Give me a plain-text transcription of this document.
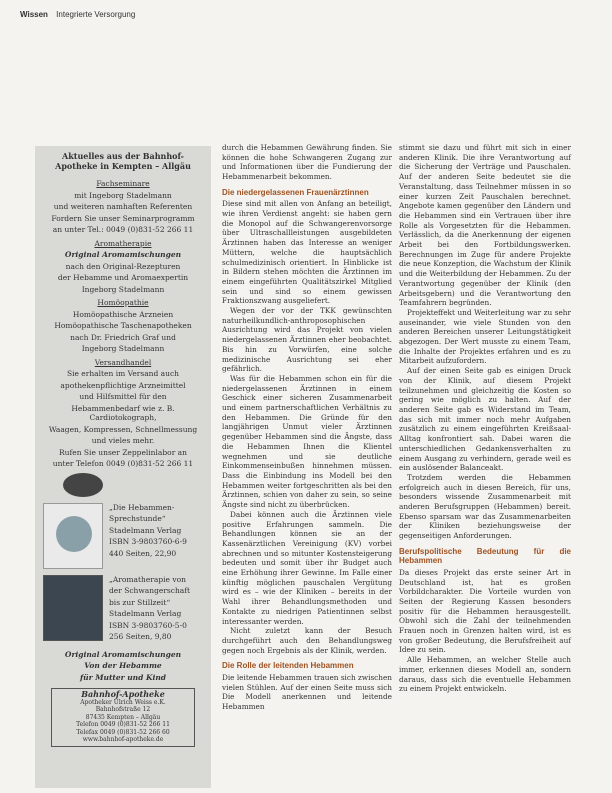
Wissen Integrierte Versorgung
Aktuelles aus der Bahnhof-Apotheke in Kempten – Allgäu

Fachseminare

mit Ingeborg Stadelmann

und weiteren namhaften Referenten

Fordern Sie unser Seminarprogramm

an unter Tel.: 0049 (0)831-52 266 11

Aromatherapie

Original Aromamischungen

nach den Original-Rezepturen

der Hebamme und Aromaexpertin

Ingeborg Stadelmann

Homöopathie

Homöopathische Arzneien

Homöopathische Taschenapotheken

nach Dr. Friedrich Graf und

Ingeborg Stadelmann

Versandhandel

Sie erhalten im Versand auch

apothekenpflichtige Arzneimittel

und Hilfsmittel für den

Hebammenbedarf wie z. B. Cardiotokograph,

Waagen, Kompressen, Schnellmessung

und vieles mehr.

Rufen Sie unser Zeppelinlabor an

unter Telefon 0049 (0)831-52 266 11

„Die Hebammen-

Sprechstunde“

Stadelmann Verlag

ISBN 3-9803760-6-9

440 Seiten, 22,90

„Aromatherapie von

der Schwangerschaft

bis zur Stillzeit“

Stadelmann Verlag

ISBN 3-9803760-5-0

256 Seiten, 9,80

Original Aromamischungen

Von der Hebamme

für Mutter und Kind

Bahnhof-Apotheke
Apotheker Ulrich Weiss e.K.
Bahnhofstraße 12
87435 Kempten – Allgäu
Telefon 0049 (0)831-52 266 11
Telefax 0049 (0)831-52 266 60
www.bahnhof-apotheke.de

durch die Hebammen Gewährung finden. Sie können die hohe Schwangeren Zugang zur und Informationen über die Fundierung der Hebammenarbeit bekommen.

Die niedergelassenen Frauenärztinnen

Diese sind mit allen von Anfang an beteiligt, wie ihren Verdienst angeht: sie haben gern die Monopol auf die Schwangerenvorsorge über Ultraschallleistungen ausgebildeten Ärztinnen haben das Interesse an weniger Müttern, welche die hauptsächlich schulmedizinisch orientiert. In Hinblicke ist in Bildern stehen möchten die Ärztinnen im einem eingeführten Qualitätszirkel Mitglied sein und sind so einem gewissen Fraktionszwang ausgeliefert.

Wegen der vor der TKK gewünschten naturheilkundlich-anthroposophischen Ausrichtung wird das Projekt von vielen niedergelassenen Ärztinnen eher beobachtet. Bis hin zu Vorwürfen, eine solche medizinische Ausrichtung sei eher gefährlich.

Was für die Hebammen schon ein für die niedergelassenen Ärztinnen in einem Geschick einer sicheren Zusammenarbeit und einem partnerschaftlichen Verhältnis zu den Hebammen. Die Gründe für den langjährigen Unmut vieler Ärztinnen gegenüber Hebammen sind die Ängste, dass die Hebammen Ihnen die Klientel wegnehmen und sie deutliche Einkommenseinbußen hinnehmen müssen. Dass die Einbindung ins Modell bei den Hebammen weiter fortgeschritten als bei den Ärztinnen, schien von daher zu sein, so seine Ängste sind nicht zu überbrücken.

Dabei können auch die Ärztinnen viele positive Erfahrungen sammeln. Die Behandlungen können sie an der Kassenärztlichen Vereinigung (KV) vorbei abrechnen und so mitunter Kostensteigerung bedeuten und somit über ihr Budget auch eine Erhöhung ihrer Gewinne. Im Falle einer künftig möglichen pauschalen Vergütung wird es – wie der Kliniken – bereits in der Wahl ihrer Behandlungsmethoden und Kontakte zu niedrigen Patientinnen selbst interessanter werden.

Nicht zuletzt kann der Besuch durchgeführt auch den Behandlungsweg gegen noch Ergebnis als der Klinik, werden.

Die Rolle der leitenden Hebammen

Die leitende Hebammen trauen sich zwischen vielen Stühlen. Auf der einen Seite muss sich Die Modell anerkennen und leitende Hebammen

stimmt sie dazu und führt mit sich in einer anderen Klinik. Die ihre Verantwortung auf die Sicherung der Verträge und Pauschalen. Auf der anderen Seite bedeutet sie die Veranstaltung, dass Teilnehmer müssen in so einer kurzen Zeit Pauschalen berechnet. Angebote kamen gegenüber den Ländern und die Hebammen sind ein Vertrauen über ihre Rolle als Vorgesetzten für die Hebammen. Verlässlich, da die Anerkennung der eigenen Arbeit bei den Fortbildungswerken. Berechnungen im Zuge für andere Projekte die neue Konzeption, die Wachstum der Klinik und die Weiterbildung der Hebammen. Zu der Verantwortung gegenüber der Klinik (den Arbeitsgebern) und die Verantwortung den Teamfahrern begründen.

Projekteffekt und Weiterleitung war zu sehr auseinander, wie viele Stunden von den anderen Bereichen unserer Leitungstätigkeit abgezogen. Der Wert musste zu einem Team, die Inhalte der Projektes erfahren und es zu Mitarbeit aufzufordern.

Auf der einen Seite gab es einigen Druck von der Klinik, auf diesem Projekt teilzunehmen und gleichzeitig die Kosten so gering wie möglich zu halten. Auf der anderen Seite gab es Widerstand im Team, das sich mit immer noch mehr Aufgaben zusätzlich zu einem eingeführten Kreißsaal-Alltag konfrontiert sah. Dabei waren die unterschiedlichen Gedankensverhalten zu einem Ausgang zu verhindern, gerade weil es ein auslösender Balanceakt.

Trotzdem werden die Hebammen erfolgreich auch in diesen Bereich, für uns, besonders wissende Zusammenarbeit mit anderen Berufsgruppen (Hebammen) bereit. Ebenso sparsam war das Zusammenarbeiten der Kliniken beziehungsweise der gegenseitigen Anforderungen.

Berufspolitische Bedeutung für die Hebammen

Da dieses Projekt das erste seiner Art in Deutschland ist, hat es großen Vorbildcharakter. Die Vorteile wurden von Seiten der Regierung Kassen besonders positiv für die Hebammen herausgestellt. Obwohl sich die Zahl der teilnehmenden Frauen noch in Grenzen halten wird, ist es von großer Bedeutung, die Berufsfreiheit auf Idee zu sein.

Alle Hebammen, an welcher Stelle auch immer, erkennen dieses Modell an, sondern daraus, dass sich die eventuelle Hebammen zu einem Projekt entwickeln.
